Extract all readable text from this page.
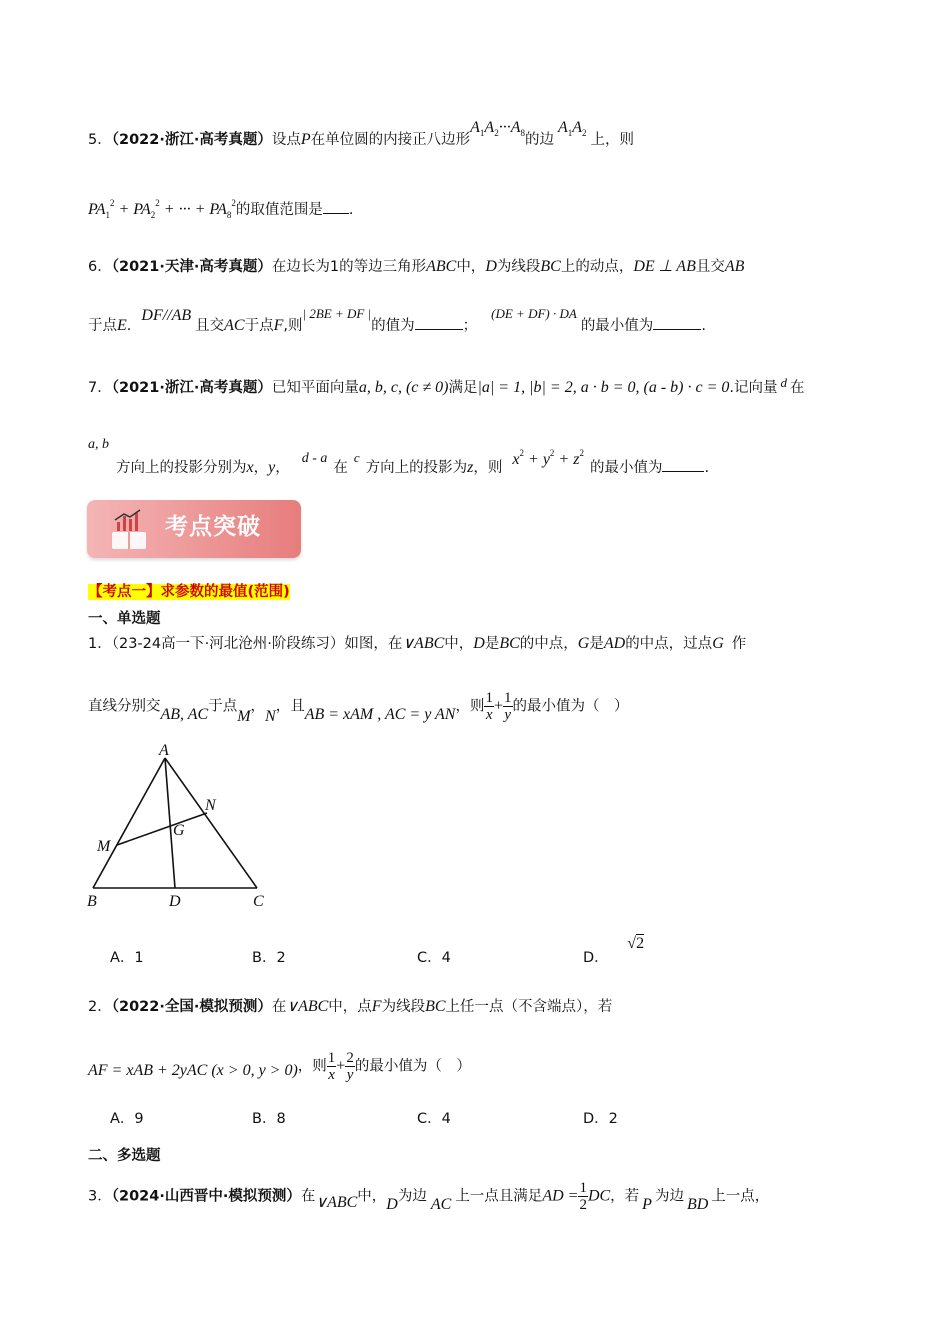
5．（2022·浙江·高考真题）设点P在单位圆的内接正八边形$A_1A_2\cdot\cdot\cdot A_8$的边$A_1A_2$ 上，则
$PA_1^2 + PA_2^2$ + ··· + $PA_8^2$的取值范围是 .
6．（2021·天津·高考真题）在边长为1的等边三角形ABC中，D为线段BC上的动点，DE ⊥ AB且交AB
于点E.DF//AB且交AC于点F,则| 2BE + DF |的值为	；(DE + DF) · DA的最小值为	.
7．（2021·浙江·高考真题）已知平面向量a, b, c, (c ≠ 0)满足|a| = 1, |b| = 2, a · b = 0, (a - b) · c = 0.记向量 d 在
a, b

方向上的投影分别为x，y，d - a在c方向上的投影为z，则 $x^2 + y^2 + z^2$的最小值为	.
考点突破
【考点一】求参数的最值(范围)
一、单选题
1．（23-24高一下·河北沧州·阶段练习）如图，在∨ABC中，D是BC的中点，G是AD的中点，过点G 作
直线分别交AB, AC于点M，N，且AB = xAM , AC = y AN，则 $\frac{1}{x} + \frac{1}{y}$ 的最小值为（　）
A
B	D	C
G
M
N
A．1	B．2	C．4	D． √2
2．（2022·全国·模拟预测）在∨ABC中，点F为线段BC上任一点（不含端点），若
AF = xAB + 2yAC (x > 0, y > 0)，则 $\frac{1}{x} + \frac{2}{y}$ 的最小值为（　）
A．9	B．8	C．4	D．2
二、多选题
3．（2024·山西晋中·模拟预测）在∨ABC中，D为边 AC 上一点且满足AD = $\frac{1}{2}$ DC，若 P 为边 BD 上一点，
